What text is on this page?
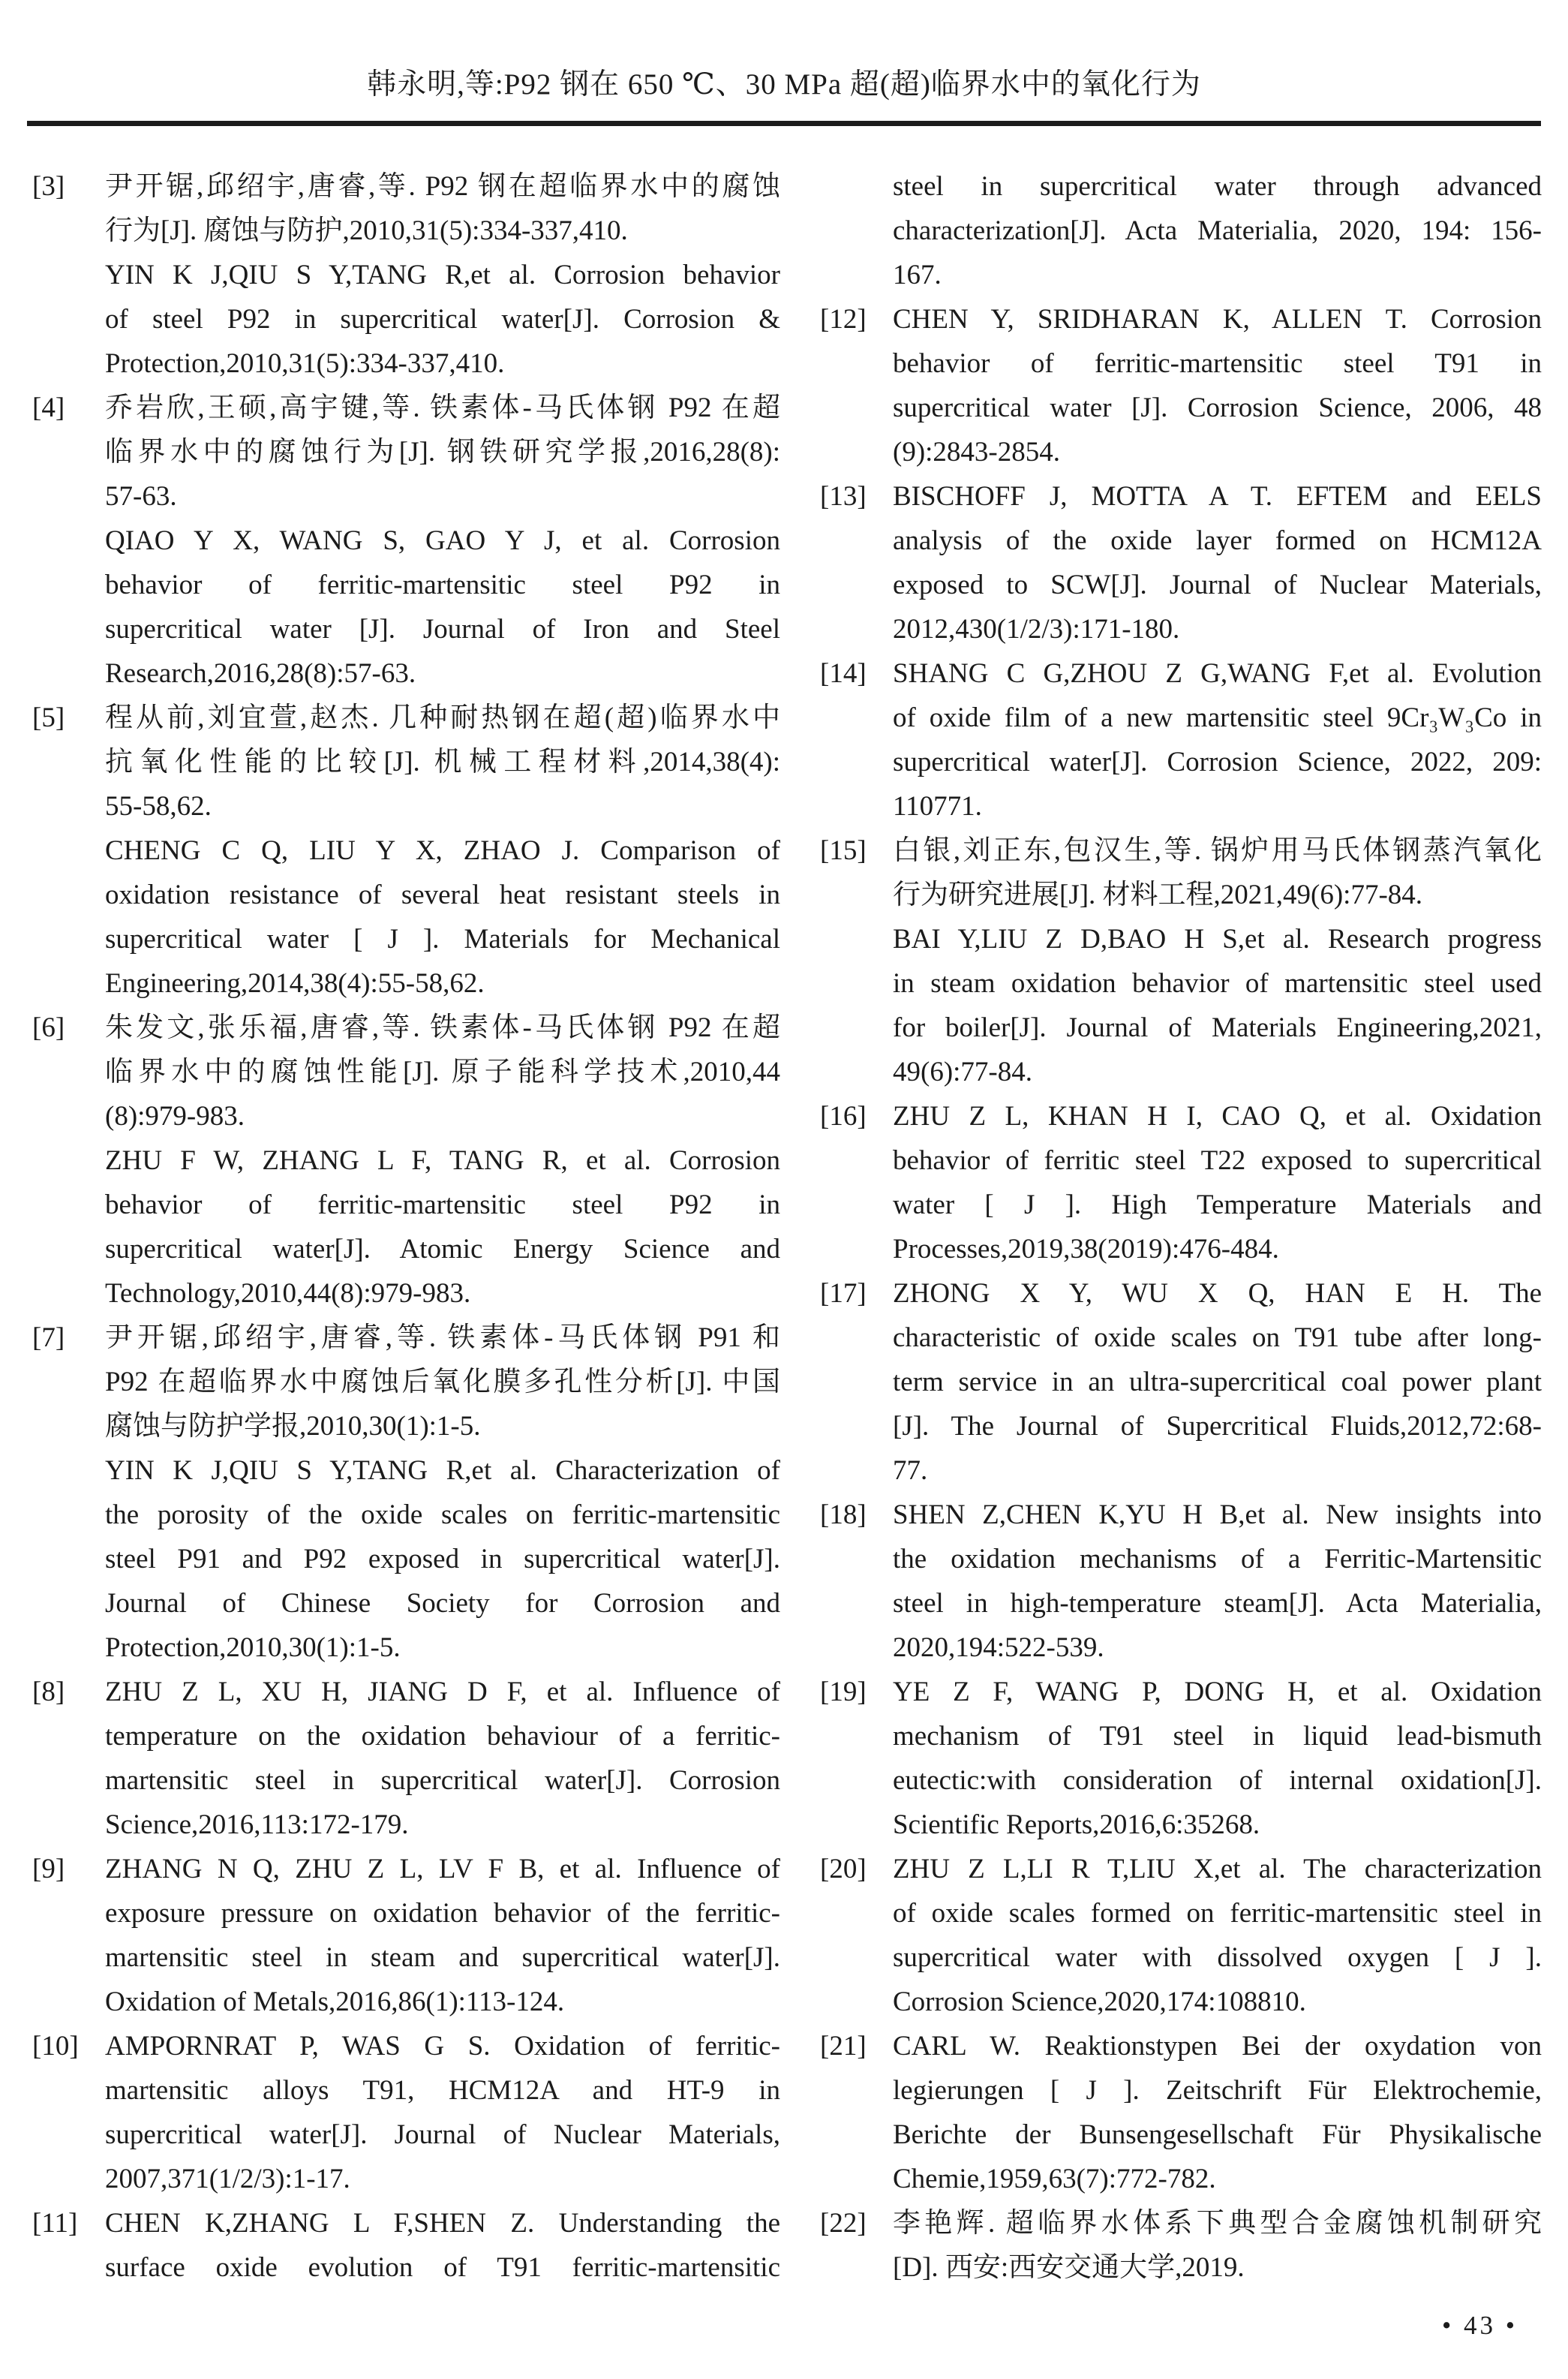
韩永明,等:P92 钢在 650 ℃、30 MPa 超(超)临界水中的氧化行为
[3]	尹开锯,邱绍宇,唐睿,等. P92 钢在超临界水中的腐蚀
行为[J]. 腐蚀与防护,2010,31(5):334-337,410.
YIN K J,QIU S Y,TANG R,et al. Corrosion behavior
of steel P92 in supercritical water[J]. Corrosion &
Protection,2010,31(5):334-337,410.
[4]	乔岩欣,王硕,高宇键,等. 铁素体-马氏体钢 P92 在超
临界水中的腐蚀行为[J]. 钢铁研究学报,2016,28(8):
57-63.
QIAO Y X, WANG S, GAO Y J, et al. Corrosion
behavior of ferritic-martensitic steel P92 in
supercritical water [J]. Journal of Iron and Steel
Research,2016,28(8):57-63.
[5]	程从前,刘宜萱,赵杰. 几种耐热钢在超(超)临界水中
抗氧化性能的比较[J]. 机械工程材料,2014,38(4):
55-58,62.
CHENG C Q, LIU Y X, ZHAO J. Comparison of
oxidation resistance of several heat resistant steels in
supercritical water [ J ]. Materials for Mechanical
Engineering,2014,38(4):55-58,62.
[6]	朱发文,张乐福,唐睿,等. 铁素体-马氏体钢 P92 在超
临界水中的腐蚀性能[J]. 原子能科学技术,2010,44
(8):979-983.
ZHU F W, ZHANG L F, TANG R, et al. Corrosion
behavior of ferritic-martensitic steel P92 in
supercritical water[J]. Atomic Energy Science and
Technology,2010,44(8):979-983.
[7]	尹开锯,邱绍宇,唐睿,等. 铁素体-马氏体钢 P91 和
P92 在超临界水中腐蚀后氧化膜多孔性分析[J]. 中国
腐蚀与防护学报,2010,30(1):1-5.
YIN K J,QIU S Y,TANG R,et al. Characterization of
the porosity of the oxide scales on ferritic-martensitic
steel P91 and P92 exposed in supercritical water[J].
Journal of Chinese Society for Corrosion and
Protection,2010,30(1):1-5.
[8]	ZHU Z L, XU H, JIANG D F, et al. Influence of
temperature on the oxidation behaviour of a ferritic-
martensitic steel in supercritical water[J]. Corrosion
Science,2016,113:172-179.
[9]	ZHANG N Q, ZHU Z L, LV F B, et al. Influence of
exposure pressure on oxidation behavior of the ferritic-
martensitic steel in steam and supercritical water[J].
Oxidation of Metals,2016,86(1):113-124.
[10] AMPORNRAT P, WAS G S. Oxidation of ferritic-
martensitic alloys T91, HCM12A and HT-9 in
supercritical water[J]. Journal of Nuclear Materials,
2007,371(1/2/3):1-17.
[11] CHEN K,ZHANG L F,SHEN Z. Understanding the
surface oxide evolution of T91 ferritic-martensitic
steel in supercritical water through advanced
characterization[J]. Acta Materialia, 2020, 194: 156-
167.
[12] CHEN Y, SRIDHARAN K, ALLEN T. Corrosion
behavior of ferritic-martensitic steel T91 in
supercritical water [J]. Corrosion Science, 2006, 48
(9):2843-2854.
[13] BISCHOFF J, MOTTA A T. EFTEM and EELS
analysis of the oxide layer formed on HCM12A
exposed to SCW[J]. Journal of Nuclear Materials,
2012,430(1/2/3):171-180.
[14] SHANG C G,ZHOU Z G,WANG F,et al. Evolution
of oxide film of a new martensitic steel 9Cr₃W₃Co in
supercritical water[J]. Corrosion Science, 2022, 209:
110771.
[15] 白银,刘正东,包汉生,等. 锅炉用马氏体钢蒸汽氧化
行为研究进展[J]. 材料工程,2021,49(6):77-84.
BAI Y,LIU Z D,BAO H S,et al. Research progress
in steam oxidation behavior of martensitic steel used
for boiler[J]. Journal of Materials Engineering,2021,
49(6):77-84.
[16] ZHU Z L, KHAN H I, CAO Q, et al. Oxidation
behavior of ferritic steel T22 exposed to supercritical
water [ J ]. High Temperature Materials and
Processes,2019,38(2019):476-484.
[17] ZHONG X Y, WU X Q, HAN E H. The
characteristic of oxide scales on T91 tube after long-
term service in an ultra-supercritical coal power plant
[J]. The Journal of Supercritical Fluids,2012,72:68-
77.
[18] SHEN Z,CHEN K,YU H B,et al. New insights into
the oxidation mechanisms of a Ferritic-Martensitic
steel in high-temperature steam[J]. Acta Materialia,
2020,194:522-539.
[19] YE Z F, WANG P, DONG H, et al. Oxidation
mechanism of T91 steel in liquid lead-bismuth
eutectic:with consideration of internal oxidation[J].
Scientific Reports,2016,6:35268.
[20] ZHU Z L,LI R T,LIU X,et al. The characterization
of oxide scales formed on ferritic-martensitic steel in
supercritical water with dissolved oxygen [ J ].
Corrosion Science,2020,174:108810.
[21] CARL W. Reaktionstypen Bei der oxydation von
legierungen [ J ]. Zeitschrift Für Elektrochemie,
Berichte der Bunsengesellschaft Für Physikalische
Chemie,1959,63(7):772-782.
[22] 李艳辉. 超临界水体系下典型合金腐蚀机制研究
[D]. 西安:西安交通大学,2019.
• 43 •
